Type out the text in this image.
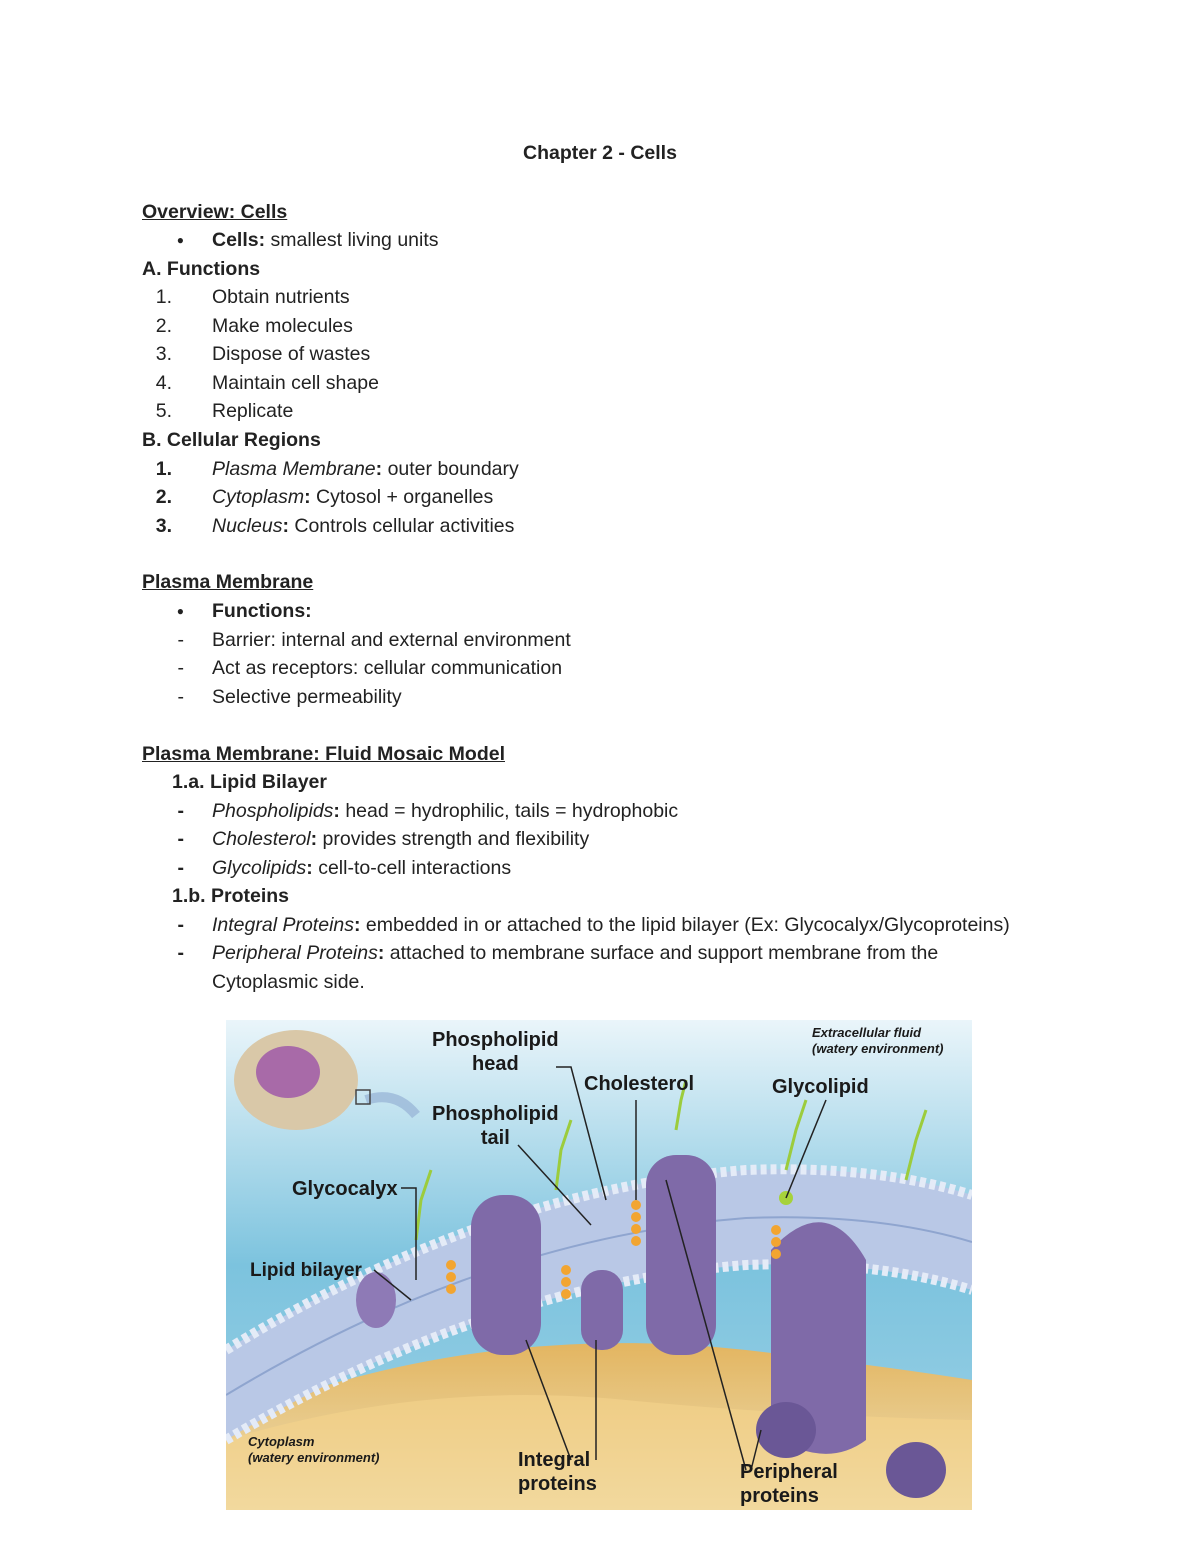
Chapter 2 - Cells
Overview: Cells
● Cells: smallest living units
A. Functions
1. Obtain nutrients
2. Make molecules
3. Dispose of wastes
4. Maintain cell shape
5. Replicate
B. Cellular Regions
1. Plasma Membrane: outer boundary
2. Cytoplasm: Cytosol + organelles
3. Nucleus: Controls cellular activities
Plasma Membrane
● Functions:
- Barrier: internal and external environment
- Act as receptors: cellular communication
- Selective permeability
Plasma Membrane: Fluid Mosaic Model
1.a. Lipid Bilayer
- Phospholipids: head = hydrophilic, tails = hydrophobic
- Cholesterol: provides strength and flexibility
- Glycolipids: cell-to-cell interactions
1.b. Proteins
- Integral Proteins: embedded in or attached to the lipid bilayer (Ex: Glycocalyx/Glycoproteins)
- Peripheral Proteins: attached to membrane surface and support membrane from the
Cytoplasmic side.
Phospholipid
head
Phospholipid
tail
Cholesterol	Glycolipid
Glycocalyx
Lipid bilayer
Extracellular fluid
(watery environment)
Cytoplasm
(watery environment)	Integral
proteins
Peripheral
proteins
